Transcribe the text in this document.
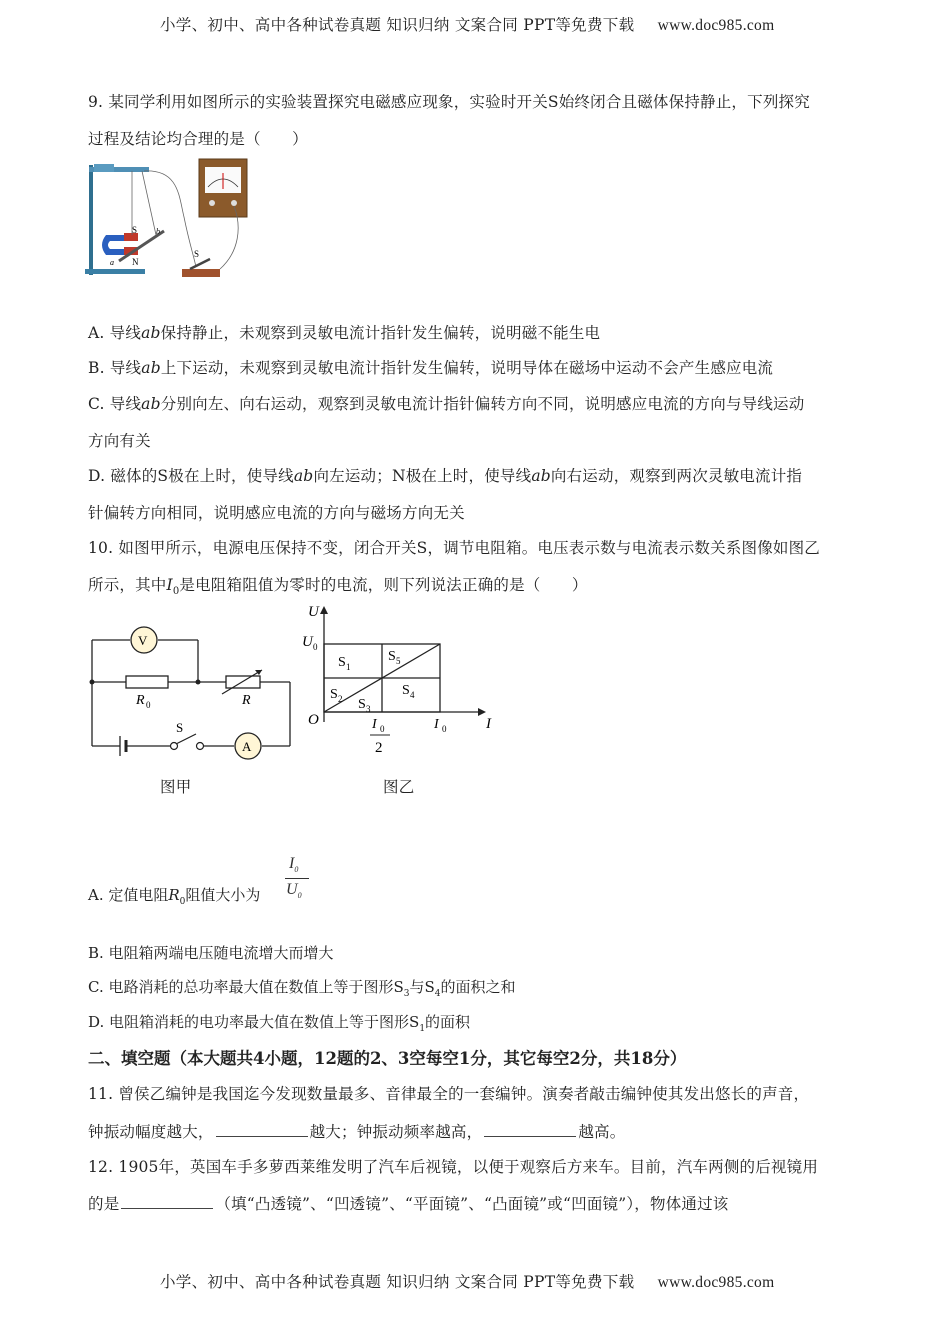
小学、初中、高中各种试卷真题 知识归纳 文案合同 PPT等免费下载 www.doc985.com
9. 某同学利用如图所示的实验装置探究电磁感应现象，实验时开关S始终闭合且磁体保持静止，下列探究
过程及结论均合理的是（　　）
S b
a N
S
A. 导线ab保持静止，未观察到灵敏电流计指针发生偏转，说明磁不能生电
B. 导线ab上下运动，未观察到灵敏电流计指针发生偏转，说明导体在磁场中运动不会产生感应电流
C. 导线ab分别向左、向右运动，观察到灵敏电流计指针偏转方向不同，说明感应电流的方向与导线运动
方向有关
D. 磁体的S极在上时，使导线ab向左运动；N极在上时，使导线ab向右运动，观察到两次灵敏电流计指
针偏转方向相同，说明感应电流的方向与磁场方向无关
10. 如图甲所示，电源电压保持不变，闭合开关S，调节电阻箱。电压表示数与电流表示数关系图像如图乙
所示，其中$I_0$是电阻箱阻值为零时的电流，则下列说法正确的是（　　）
V
R 0	R
S
A
图甲
U
U 0
O	I
I 0
I 0
2
S 1
S 5
S 2 S 3
S 4
图乙
A. 定值电阻$R_0$阻值大小为
$I_0$
$U_0$
B. 电阻箱两端电压随电流增大而增大
C. 电路消耗的总功率最大值在数值上等于图形$S_3$与$S_4$的面积之和
D. 电阻箱消耗的电功率最大值在数值上等于图形$S_1$的面积
二、填空题（本大题共4小题，12题的2、3空每空1分，其它每空2分，共18分）
11. 曾侯乙编钟是我国迄今发现数量最多、音律最全的一套编钟。演奏者敲击编钟使其发出悠长的声音，
钟振动幅度越大，	越大；钟振动频率越高，	越高。
12. 1905年，英国车手多萝西莱维发明了汽车后视镜，以便于观察后方来车。目前，汽车两侧的后视镜用
的是	（填“凸透镜”、“凹透镜”、“平面镜”、“凸面镜”或“凹面镜”），物体通过该
小学、初中、高中各种试卷真题 知识归纳 文案合同 PPT等免费下载 www.doc985.com
